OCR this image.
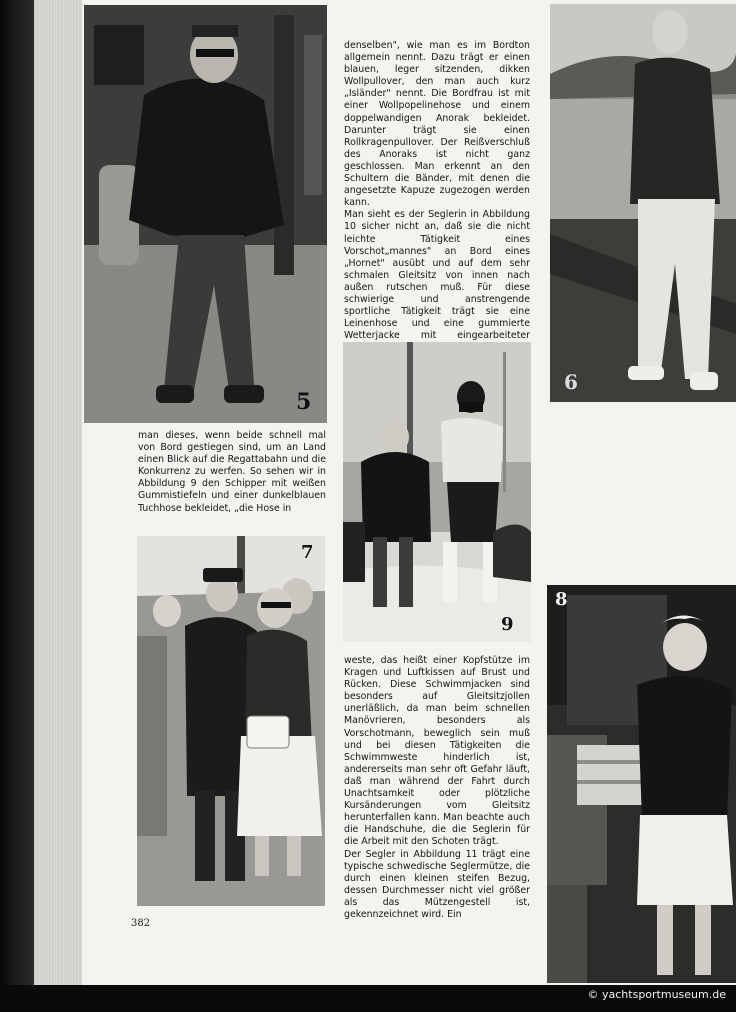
5

denselben", wie man es im Bordton allgemein nennt. Dazu trägt er einen blauen, leger sitzenden, dikken Wollpullover, den man auch kurz „Isländer" nennt. Die Bordfrau ist mit einer Wollpopelinehose und einem doppelwandigen Anorak bekleidet. Darunter trägt sie einen Rollkragenpullover. Der Reißverschluß des Anoraks ist nicht ganz geschlossen. Man erkennt an den Schultern die Bänder, mit denen die angesetzte Kapuze zugezogen werden kann.

Man sieht es der Seglerin in Abbildung 10 sicher nicht an, daß sie die nicht leichte Tätigkeit eines Vorschot„mannes" an Bord eines „Hornet" ausübt und auf dem sehr schmalen Gleitsitz von innen nach außen rutschen muß. Für diese schwierige und anstrengende sportliche Tätigkeit trägt sie eine Leinenhose und eine gummierte Wetterjacke mit eingearbeiteter

6

man dieses, wenn beide schnell mal von Bord gestiegen sind, um an Land einen Blick auf die Regattabahn und die Konkurrenz zu werfen. So sehen wir in Abbildung 9 den Schipper mit weißen Gummistiefeln und einer dunkelblauen Tuchhose bekleidet, „die Hose in

9
7

weste, das heißt einer Kopfstütze im Kragen und Luftkissen auf Brust und Rücken. Diese Schwimmjacken sind besonders auf Gleitsitzjollen unerläßlich, da man beim schnellen Manövrieren, besonders als Vorschotmann, beweglich sein muß und bei diesen Tätigkeiten die Schwimmweste hinderlich ist, andererseits man sehr oft Gefahr läuft, daß man während der Fahrt durch Unachtsamkeit oder plötzliche Kursänderungen vom Gleitsitz herunterfallen kann. Man beachte auch die Handschuhe, die die Seglerin für die Arbeit mit den Schoten trägt.

Der Segler in Abbildung 11 trägt eine typische schwedische Seglermütze, die durch einen kleinen steifen Bezug, dessen Durchmesser nicht viel größer als das Mützengestell ist, gekennzeichnet wird. Ein

8
382
© yachtsportmuseum.de
